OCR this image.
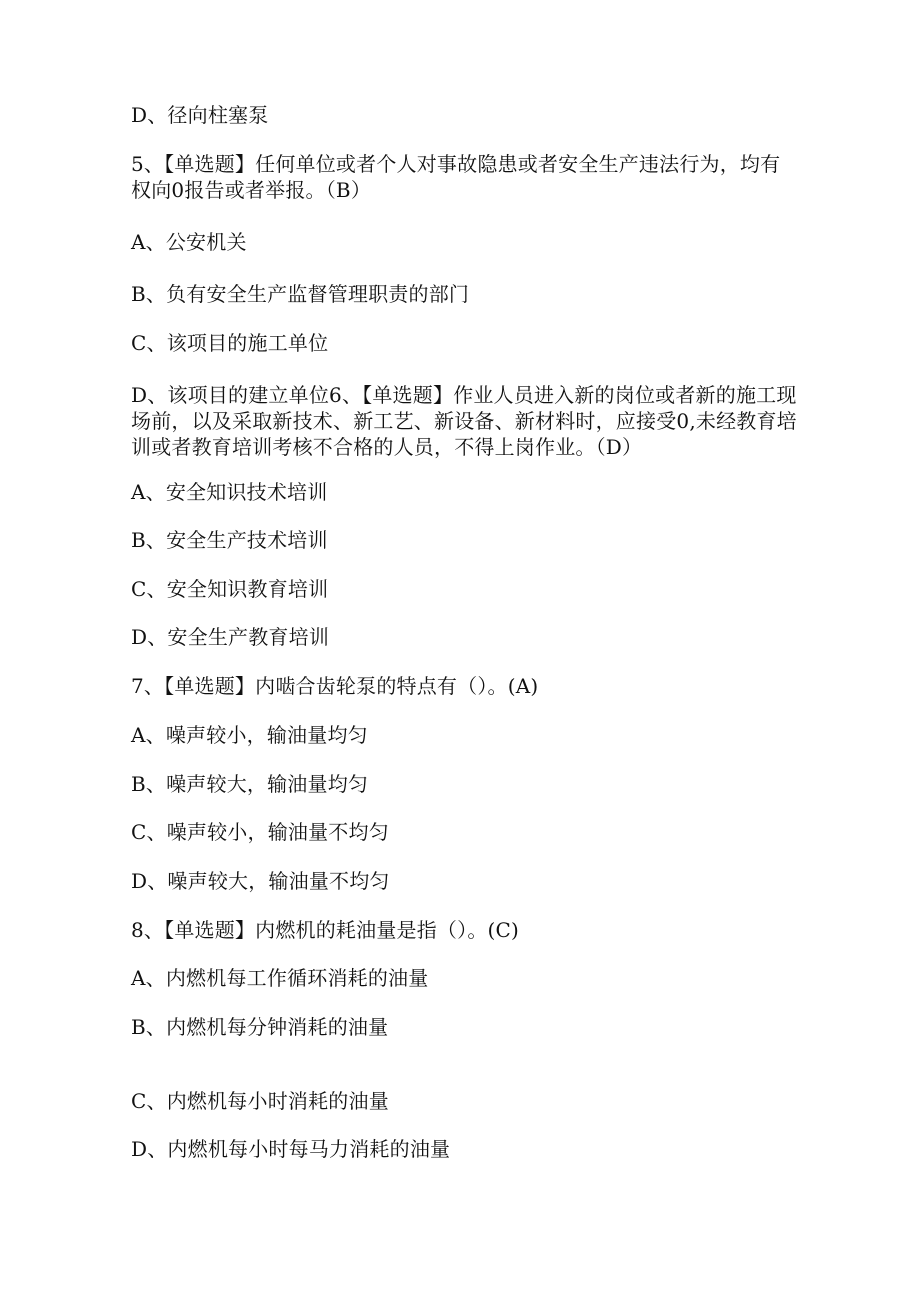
D、径向柱塞泵
5、【单选题】任何单位或者个人对事故隐患或者安全生产违法行为，均有
权向0报告或者举报。（B）
A、公安机关
B、负有安全生产监督管理职责的部门
C、该项目的施工单位
D、该项目的建立单位6、【单选题】作业人员进入新的岗位或者新的施工现
场前，以及采取新技术、新工艺、新设备、新材料时，应接受0,未经教育培
训或者教育培训考核不合格的人员，不得上岗作业。（D）
A、安全知识技术培训
B、安全生产技术培训
C、安全知识教育培训
D、安全生产教育培训
7、【单选题】内啮合齿轮泵的特点有（）。(A)
A、噪声较小，输油量均匀
B、噪声较大，输油量均匀
C、噪声较小，输油量不均匀
D、噪声较大，输油量不均匀
8、【单选题】内燃机的耗油量是指（）。(C)
A、内燃机每工作循环消耗的油量
B、内燃机每分钟消耗的油量
C、内燃机每小时消耗的油量
D、内燃机每小时每马力消耗的油量
